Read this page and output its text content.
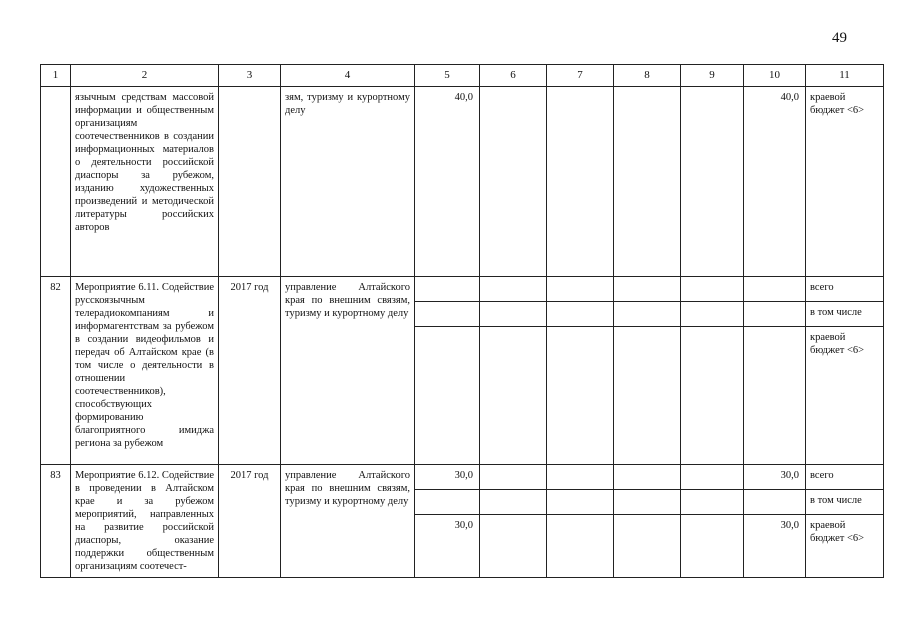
49
1	2	3	4	5	6	7	8	9	10	11
	язычным средствам массовой информации и общественным организациям соотечественников в создании информационных материалов о деятельности российской диаспоры за рубежом, изданию художественных произведений и методической литературы российских авторов		зям, туризму и курортному делу	40,0					40,0	краевой бюджет <6>
82	Мероприятие 6.11. Содействие русскоязычным телерадиокомпаниям и информагентствам за рубежом в создании видеофильмов и передач об Алтайском крае (в том числе о деятельности в отношении соотечественников), способствующих формированию благоприятного имиджа региона за рубежом	2017 год	управление Алтайского края по внешним связям, туризму и курортному делу							всего
										в том числе
										краевой бюджет <6>
83	Мероприятие 6.12. Содействие в проведении в Алтайском крае и за рубежом мероприятий, направленных на развитие российской диаспоры, оказание поддержки общественным организациям соотечест-	2017 год	управление Алтайского края по внешним связям, туризму и курортному делу	30,0					30,0	всего
										в том числе
				30,0					30,0	краевой бюджет <6>
